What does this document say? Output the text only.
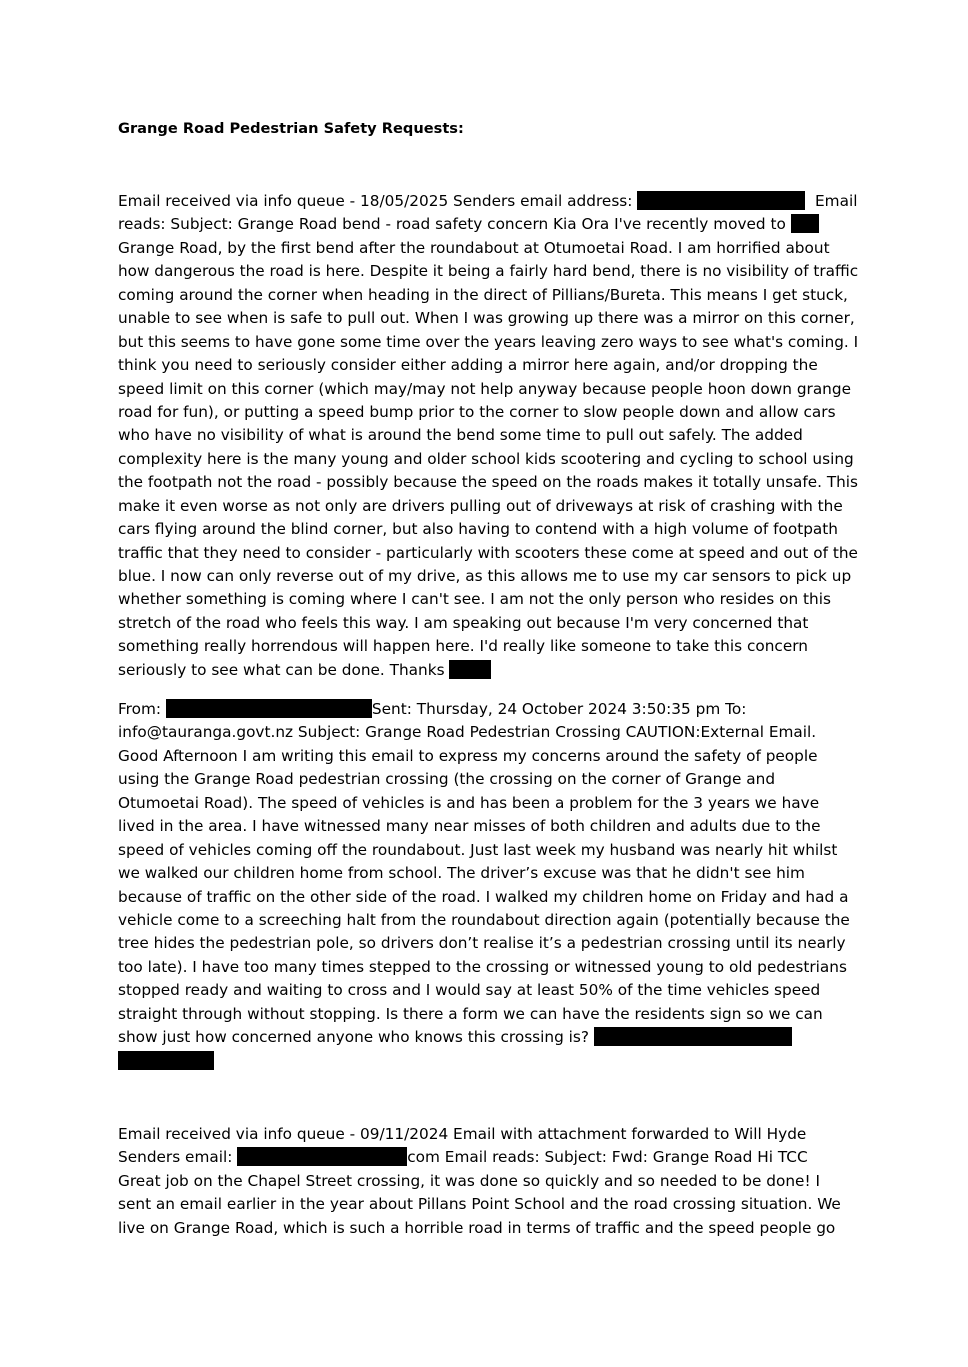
Grange Road Pedestrian Safety Requests:
Email received via info queue - 18/05/2025 Senders email address:	Email
reads: Subject: Grange Road bend - road safety concern Kia Ora I've recently moved to
Grange Road, by the first bend after the roundabout at Otumoetai Road. I am horrified about
how dangerous the road is here. Despite it being a fairly hard bend, there is no visibility of traffic
coming around the corner when heading in the direct of Pillians/Bureta. This means I get stuck,
unable to see when is safe to pull out. When I was growing up there was a mirror on this corner,
but this seems to have gone some time over the years leaving zero ways to see what's coming. I
think you need to seriously consider either adding a mirror here again, and/or dropping the
speed limit on this corner (which may/may not help anyway because people hoon down grange
road for fun), or putting a speed bump prior to the corner to slow people down and allow cars
who have no visibility of what is around the bend some time to pull out safely. The added
complexity here is the many young and older school kids scootering and cycling to school using
the footpath not the road - possibly because the speed on the roads makes it totally unsafe. This
make it even worse as not only are drivers pulling out of driveways at risk of crashing with the
cars flying around the blind corner, but also having to contend with a high volume of footpath
traffic that they need to consider - particularly with scooters these come at speed and out of the
blue. I now can only reverse out of my drive, as this allows me to use my car sensors to pick up
whether something is coming where I can't see. I am not the only person who resides on this
stretch of the road who feels this way. I am speaking out because I'm very concerned that
something really horrendous will happen here. I'd really like someone to take this concern
seriously to see what can be done. Thanks
From:	Sent: Thursday, 24 October 2024 3:50:35 pm To:
info@tauranga.govt.nz Subject: Grange Road Pedestrian Crossing CAUTION:External Email.
Good Afternoon I am writing this email to express my concerns around the safety of people
using the Grange Road pedestrian crossing (the crossing on the corner of Grange and
Otumoetai Road). The speed of vehicles is and has been a problem for the 3 years we have
lived in the area. I have witnessed many near misses of both children and adults due to the
speed of vehicles coming off the roundabout. Just last week my husband was nearly hit whilst
we walked our children home from school. The driver’s excuse was that he didn't see him
because of traffic on the other side of the road. I walked my children home on Friday and had a
vehicle come to a screeching halt from the roundabout direction again (potentially because the
tree hides the pedestrian pole, so drivers don’t realise it’s a pedestrian crossing until its nearly
too late). I have too many times stepped to the crossing or witnessed young to old pedestrians
stopped ready and waiting to cross and I would say at least 50% of the time vehicles speed
straight through without stopping. Is there a form we can have the residents sign so we can
show just how concerned anyone who knows this crossing is?
Email received via info queue - 09/11/2024 Email with attachment forwarded to Will Hyde
Senders email:	com Email reads: Subject: Fwd: Grange Road Hi TCC
Great job on the Chapel Street crossing, it was done so quickly and so needed to be done! I
sent an email earlier in the year about Pillans Point School and the road crossing situation. We
live on Grange Road, which is such a horrible road in terms of traffic and the speed people go
